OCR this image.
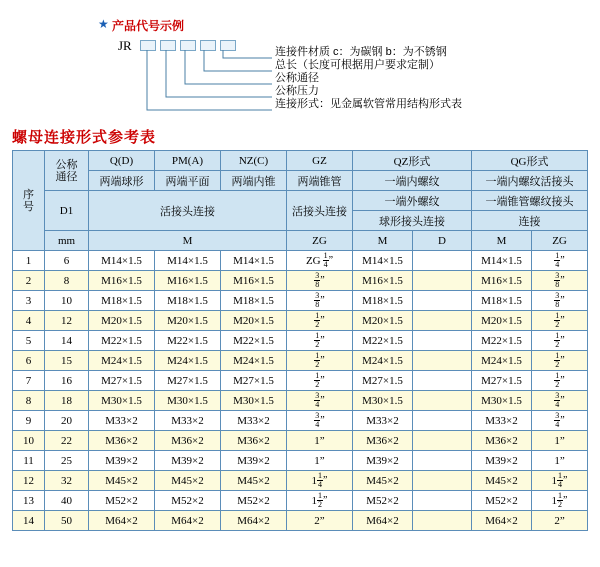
★ 产品代号示例
JR	连接件材质 c：为碳钢 b：为不锈钢
总长（长度可根据用户要求定制）
公称通径
公称压力
连接形式：见金属软管常用结构形式表
螺母连接形式参考表
序
号	公称
通径	Q(D)	PM(A)	NZ(C)	GZ	QZ形式		QG形式	
		两端球形	两端平面	两端内锥	两端锥管	一端内螺纹		一端内螺纹活接头	
	D1	活接头连接			活接头连接	一端外螺纹		一端锥管螺纹接头	
						球形接头连接		连接	
	mm	M			ZG	M	D	M	ZG
1	6	M14×1.5	M14×1.5	M14×1.5	ZG $\frac{1}{4}$ ”	M14×1.5		M14×1.5	$\frac{1}{4}$ ”
2	8	M16×1.5	M16×1.5	M16×1.5	$\frac{3}{8}$ ”	M16×1.5		M16×1.5	$\frac{3}{8}$ ”
3	10	M18×1.5	M18×1.5	M18×1.5	$\frac{3}{8}$ ”	M18×1.5		M18×1.5	$\frac{3}{8}$ ”
4	12	M20×1.5	M20×1.5	M20×1.5	$\frac{1}{2}$ ”	M20×1.5		M20×1.5	$\frac{1}{2}$ ”
5	14	M22×1.5	M22×1.5	M22×1.5	$\frac{1}{2}$ ”	M22×1.5		M22×1.5	$\frac{1}{2}$ ”
6	15	M24×1.5	M24×1.5	M24×1.5	$\frac{1}{2}$ ”	M24×1.5		M24×1.5	$\frac{1}{2}$ ”
7	16	M27×1.5	M27×1.5	M27×1.5	$\frac{1}{2}$ ”	M27×1.5		M27×1.5	$\frac{1}{2}$ ”
8	18	M30×1.5	M30×1.5	M30×1.5	$\frac{3}{4}$ ”	M30×1.5		M30×1.5	$\frac{3}{4}$ ”
9	20	M33×2	M33×2	M33×2	$\frac{3}{4}$ ”	M33×2		M33×2	$\frac{3}{4}$ ”
10	22	M36×2	M36×2	M36×2	1”	M36×2		M36×2	1”
11	25	M39×2	M39×2	M39×2	1”	M39×2		M39×2	1”
12	32	M45×2	M45×2	M45×2	$1 \frac{1}{4}$ ”	M45×2		M45×2	$1 \frac{1}{4}$ ”
13	40	M52×2	M52×2	M52×2	$1 \frac{1}{2}$ ”	M52×2		M52×2	$1 \frac{1}{2}$ ”
14	50	M64×2	M64×2	M64×2	2”	M64×2		M64×2	2”
